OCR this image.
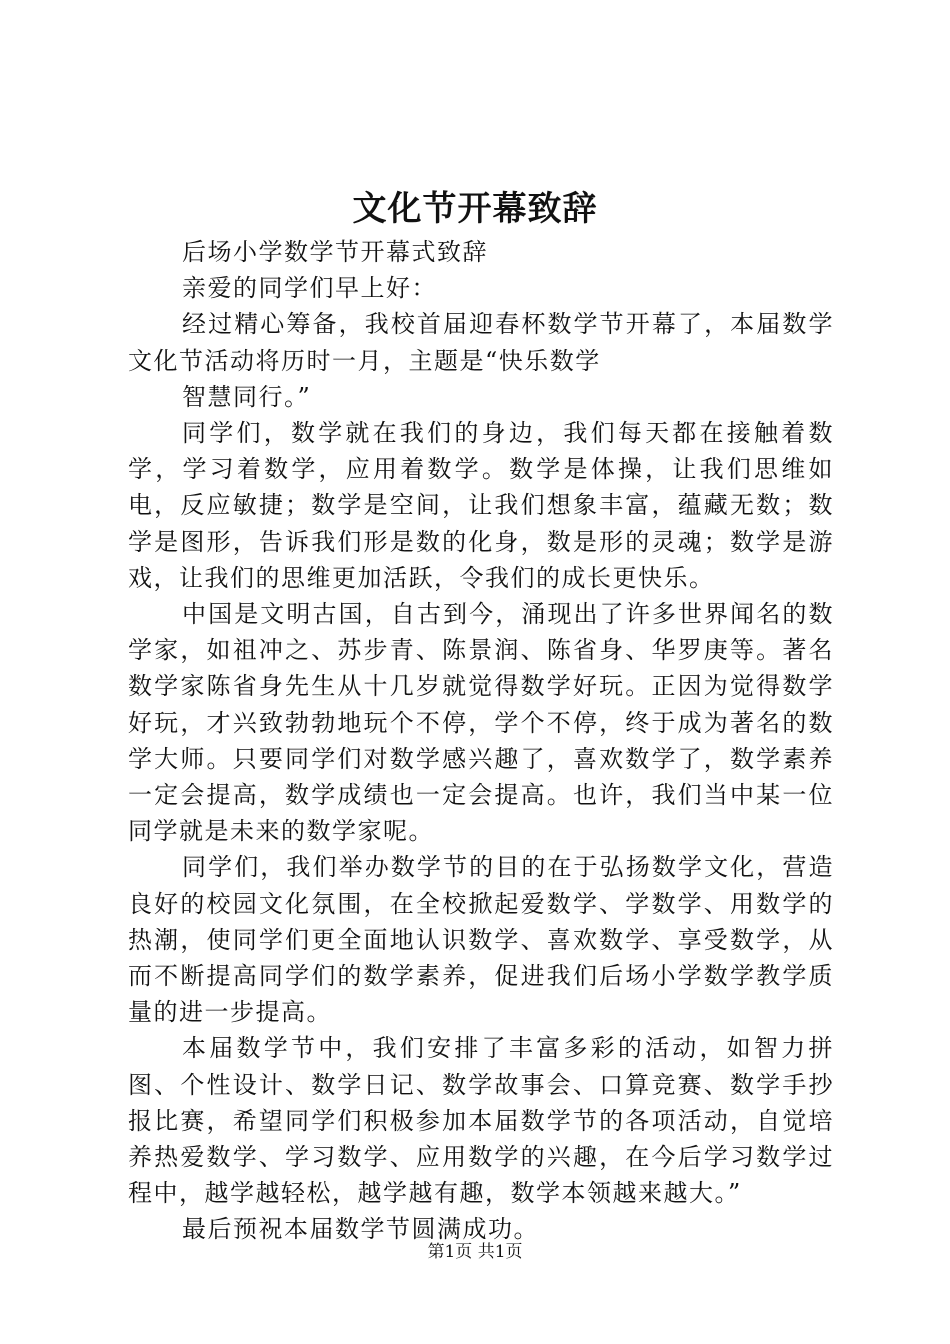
文化节开幕致辞

后场小学数学节开幕式致辞

亲爱的同学们早上好：

经过精心筹备，我校首届迎春杯数学节开幕了，本届数学文化节活动将历时一月，主题是“快乐数学

智慧同行。”

同学们，数学就在我们的身边，我们每天都在接触着数学，学习着数学，应用着数学。数学是体操，让我们思维如电，反应敏捷；数学是空间，让我们想象丰富，蕴藏无数；数学是图形，告诉我们形是数的化身，数是形的灵魂；数学是游戏，让我们的思维更加活跃，令我们的成长更快乐。

中国是文明古国，自古到今，涌现出了许多世界闻名的数学家，如祖冲之、苏步青、陈景润、陈省身、华罗庚等。著名数学家陈省身先生从十几岁就觉得数学好玩。正因为觉得数学好玩，才兴致勃勃地玩个不停，学个不停，终于成为著名的数学大师。只要同学们对数学感兴趣了，喜欢数学了，数学素养一定会提高，数学成绩也一定会提高。也许，我们当中某一位同学就是未来的数学家呢。

同学们，我们举办数学节的目的在于弘扬数学文化，营造良好的校园文化氛围，在全校掀起爱数学、学数学、用数学的热潮，使同学们更全面地认识数学、喜欢数学、享受数学，从而不断提高同学们的数学素养，促进我们后场小学数学教学质量的进一步提高。

本届数学节中，我们安排了丰富多彩的活动，如智力拼图、个性设计、数学日记、数学故事会、口算竞赛、数学手抄报比赛，希望同学们积极参加本届数学节的各项活动，自觉培养热爱数学、学习数学、应用数学的兴趣，在今后学习数学过程中，越学越轻松，越学越有趣，数学本领越来越大。”

最后预祝本届数学节圆满成功。

第1页 共1页
